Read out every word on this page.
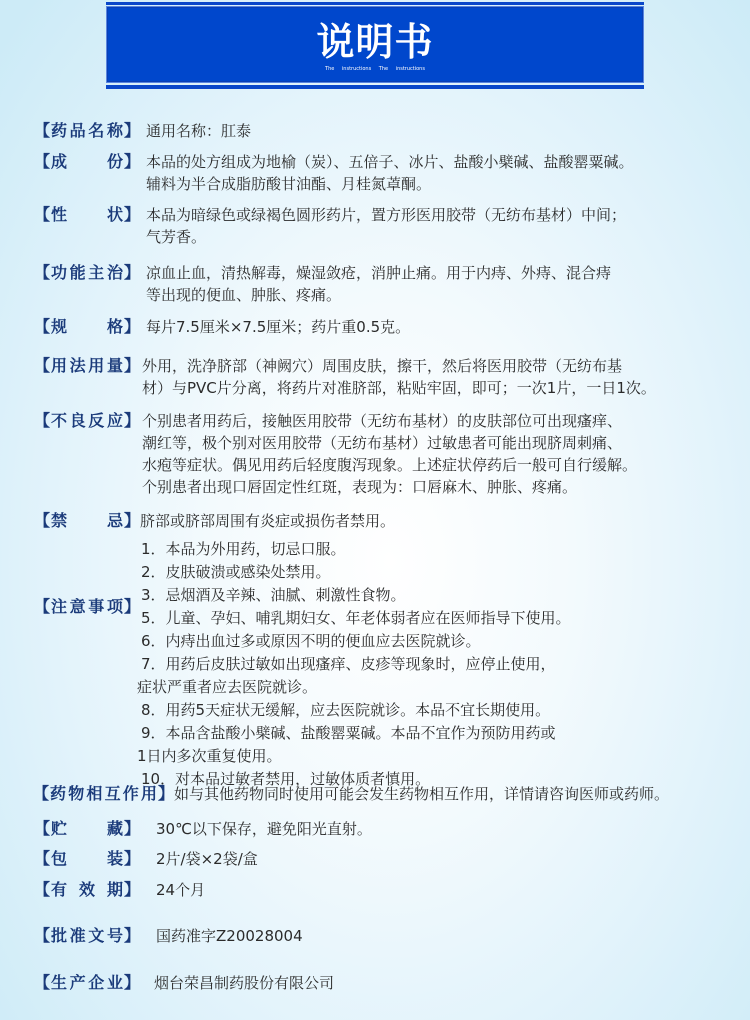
说明书
The instructions The instructions
【 药 品 名 称 】 通用名称：肛泰
【 成 份 】 本品的处方组成为地榆（炭）、五倍子、冰片、盐酸小檗碱、盐酸罂粟碱。
辅料为半合成脂肪酸甘油酯、月桂氮䓬酮。
【 性 状 】 本品为暗绿色或绿褐色圆形药片，置方形医用胶带（无纺布基材）中间；
气芳香。
【 功 能 主 治 】 凉血止血，清热解毒，燥湿敛疮，消肿止痛。用于内痔、外痔、混合痔
等出现的便血、肿胀、疼痛。
【 规 格 】 每片7.5厘米×7.5厘米；药片重0.5克。
【 用 法 用 量 】 外用，洗净脐部（神阙穴）周围皮肤，擦干，然后将医用胶带（无纺布基
材）与PVC片分离，将药片对准脐部，粘贴牢固，即可；一次1片，一日1次。
【 不 良 反 应 】 个别患者用药后，接触医用胶带（无纺布基材）的皮肤部位可出现瘙痒、
潮红等，极个别对医用胶带（无纺布基材）过敏患者可能出现脐周刺痛、
水疱等症状。偶见用药后轻度腹泻现象。上述症状停药后一般可自行缓解。
个别患者出现口唇固定性红斑，表现为：口唇麻木、肿胀、疼痛。
【 禁 忌 】 脐部或脐部周围有炎症或损伤者禁用。
【 注 意 事 项 】
1．本品为外用药，切忌口服。
2．皮肤破溃或感染处禁用。
3．忌烟酒及辛辣、油腻、刺激性食物。
5．儿童、孕妇、哺乳期妇女、年老体弱者应在医师指导下使用。
6．内痔出血过多或原因不明的便血应去医院就诊。
7．用药后皮肤过敏如出现瘙痒、皮疹等现象时，应停止使用，
症状严重者应去医院就诊。
8．用药5天症状无缓解，应去医院就诊。本品不宜长期使用。
9．本品含盐酸小檗碱、盐酸罂粟碱。本品不宜作为预防用药或
1日内多次重复使用。
10．对本品过敏者禁用，过敏体质者慎用。
【 药 物 相 互 作 用 】 如与其他药物同时使用可能会发生药物相互作用，详情请咨询医师或药师。
【 贮 藏 】 30℃以下保存，避免阳光直射。
【 包 装 】 2片/袋×2袋/盒
【 有 效 期 】 24个月
【 批 准 文 号 】 国药准字Z20028004
【 生 产 企 业 】 烟台荣昌制药股份有限公司
